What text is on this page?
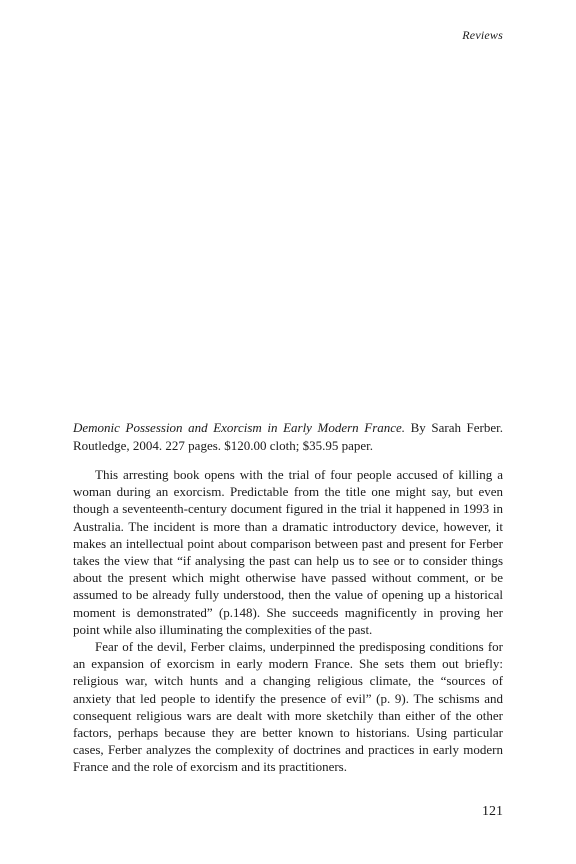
Reviews

Demonic Possession and Exorcism in Early Modern France. By Sarah Ferber. Routledge, 2004. 227 pages. $120.00 cloth; $35.95 paper.

This arresting book opens with the trial of four people accused of killing a woman during an exorcism. Predictable from the title one might say, but even though a seventeenth-century document figured in the trial it happened in 1993 in Australia. The incident is more than a dramatic introductory device, however, it makes an intellectual point about comparison between past and present for Ferber takes the view that “if analysing the past can help us to see or to consider things about the present which might otherwise have passed without comment, or be assumed to be already fully understood, then the value of opening up a historical moment is demonstrated” (p.148). She succeeds magnificently in proving her point while also illuminating the complexities of the past.

Fear of the devil, Ferber claims, underpinned the predisposing conditions for an expansion of exorcism in early modern France. She sets them out briefly: religious war, witch hunts and a changing religious climate, the “sources of anxiety that led people to identify the presence of evil” (p. 9). The schisms and consequent religious wars are dealt with more sketchily than either of the other factors, perhaps because they are better known to historians. Using particular cases, Ferber analyzes the complexity of doctrines and practices in early modern France and the role of exorcism and its practitioners.

121
